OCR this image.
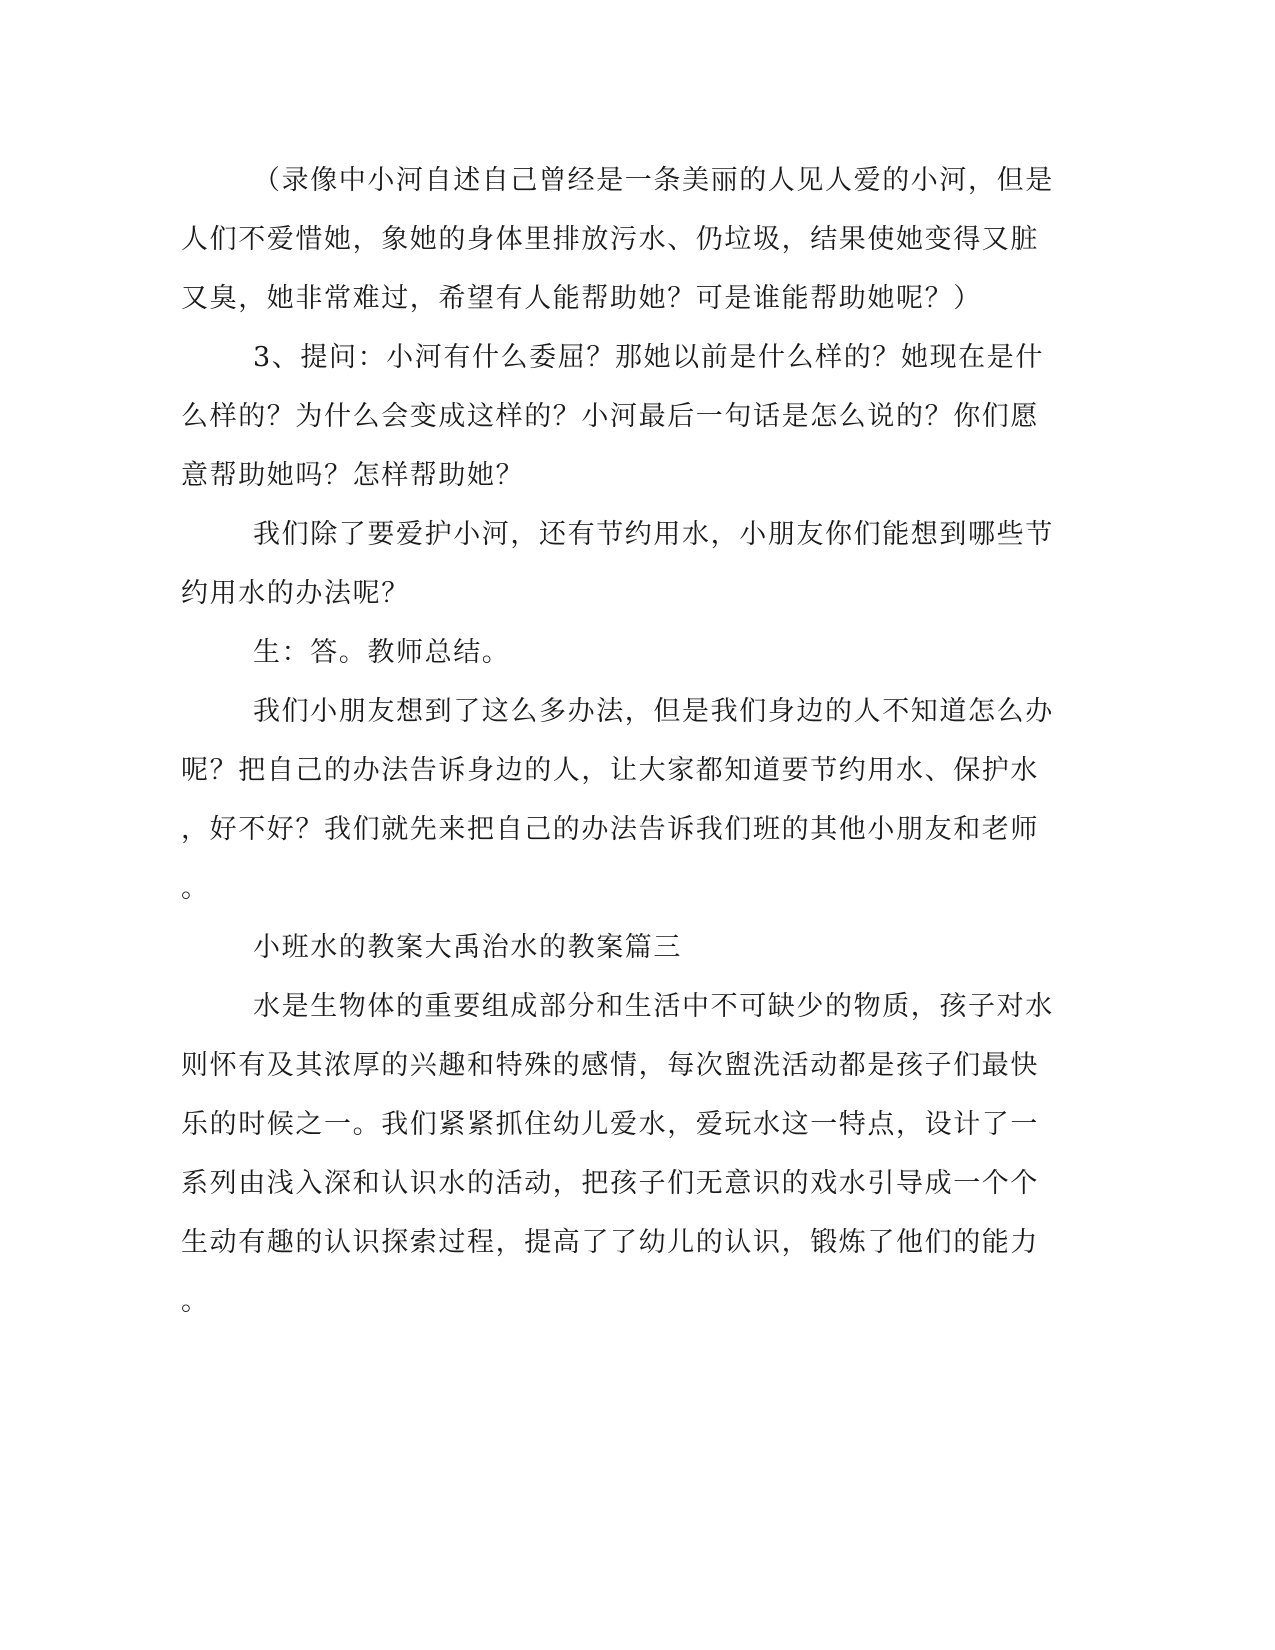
（录像中小河自述自己曾经是一条美丽的人见人爱的小河，但是
人们不爱惜她，象她的身体里排放污水、仍垃圾，结果使她变得又脏
又臭，她非常难过，希望有人能帮助她？可是谁能帮助她呢？）
3、提问：小河有什么委屈？那她以前是什么样的？她现在是什
么样的？为什么会变成这样的？小河最后一句话是怎么说的？你们愿
意帮助她吗？怎样帮助她？
我们除了要爱护小河，还有节约用水，小朋友你们能想到哪些节
约用水的办法呢？
生：答。教师总结。
我们小朋友想到了这么多办法，但是我们身边的人不知道怎么办
呢？把自己的办法告诉身边的人，让大家都知道要节约用水、保护水
，好不好？我们就先来把自己的办法告诉我们班的其他小朋友和老师
。
小班水的教案大禹治水的教案篇三
水是生物体的重要组成部分和生活中不可缺少的物质，孩子对水
则怀有及其浓厚的兴趣和特殊的感情，每次盥洗活动都是孩子们最快
乐的时候之一。我们紧紧抓住幼儿爱水，爱玩水这一特点，设计了一
系列由浅入深和认识水的活动，把孩子们无意识的戏水引导成一个个
生动有趣的认识探索过程，提高了了幼儿的认识，锻炼了他们的能力
。
